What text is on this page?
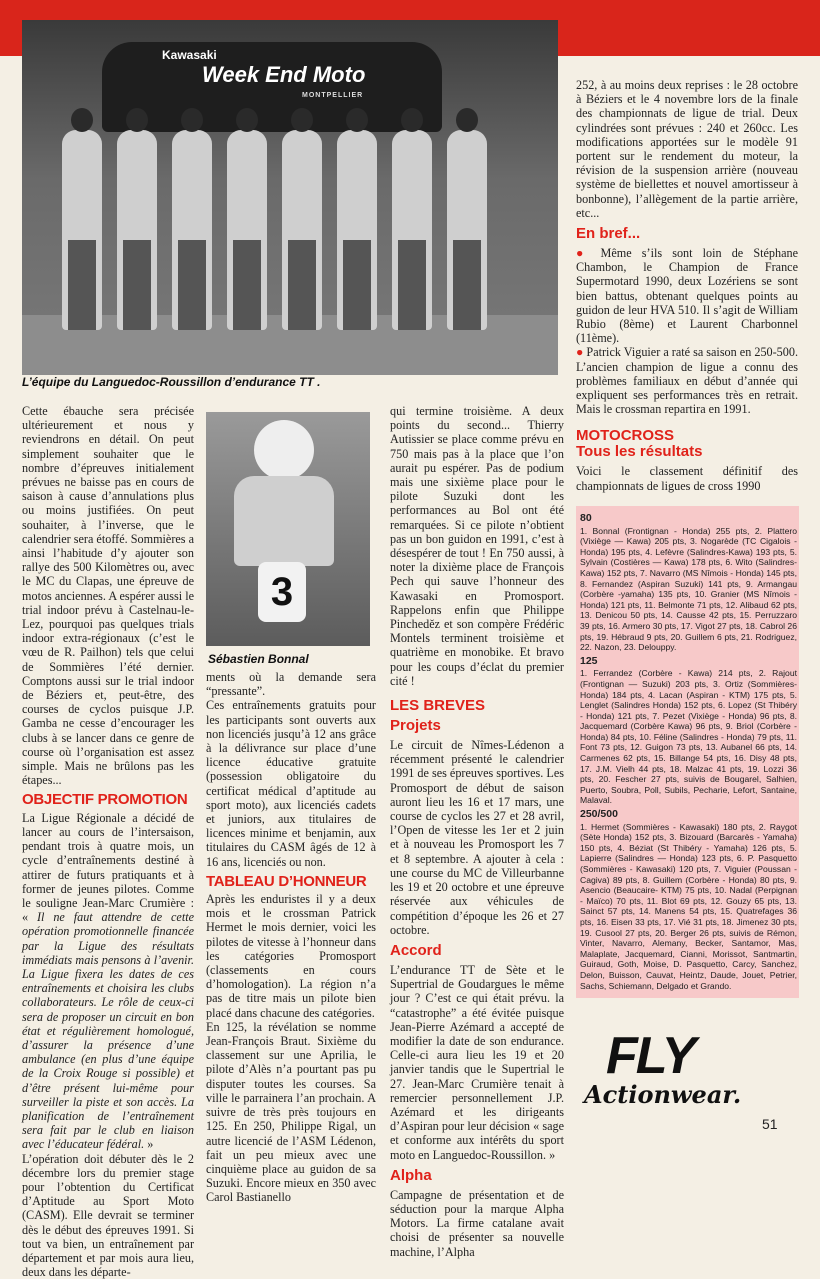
Kawasaki
Week End Moto
MONTPELLIER
L’équipe du Languedoc-Roussillon d’endurance TT .

Cette ébauche sera précisée ultérieurement et nous y reviendrons en détail. On peut simplement souhaiter que le nombre d’épreuves initialement prévues ne baisse pas en cours de saison à cause d’annulations plus ou moins justifiées. On peut souhaiter, à l’inverse, que le calendrier sera étoffé. Sommières a ainsi l’habitude d’y ajouter son rallye des 500 Kilomètres ou, avec le MC du Clapas, une épreuve de motos anciennes. A espérer aussi le trial indoor prévu à Castelnau-le-Lez, pourquoi pas quelques trials indoor extra-régionaux (c’est le vœu de R. Pailhon) tels que celui de Sommières l’été dernier. Comptons aussi sur le trial indoor de Béziers et, peut-être, des courses de cyclos puisque J.P. Gamba ne cesse d’encourager les clubs à se lancer dans ce genre de course où l’organisation est assez simple. Mais ne brûlons pas les étapes...

OBJECTIF PROMOTION

La Ligue Régionale a décidé de lancer au cours de l’intersaison, pendant trois à quatre mois, un cycle d’entraînements destiné à attirer de futurs pratiquants et à former de jeunes pilotes. Comme le souligne Jean-Marc Crumière : « Il ne faut attendre de cette opération promotionnelle financée par la Ligue des résultats immédiats mais pensons à l’avenir. La Ligue fixera les dates de ces entraînements et choisira les clubs collaborateurs. Le rôle de ceux-ci sera de proposer un circuit en bon état et régulièrement homologué, d’assurer la présence d’une ambulance (en plus d’une équipe de la Croix Rouge si possible) et d’être présent lui-même pour surveiller la piste et son accès. La planification de l’entraînement sera fait par le club en liaison avec l’éducateur fédéral. »

L’opération doit débuter dès le 2 décembre lors du premier stage pour l’obtention du Certificat d’Aptitude au Sport Moto (CASM). Elle devrait se terminer dès le début des épreuves 1991. Si tout va bien, un entraînement par département et par mois aura lieu, deux dans les départe-

3
Sébastien Bonnal

ments où la demande sera “pressante”.

Ces entraînements gratuits pour les participants sont ouverts aux non licenciés jusqu’à 12 ans grâce à la délivrance sur place d’une licence éducative gratuite (possession obligatoire du certificat médical d’aptitude au sport moto), aux licenciés cadets et juniors, aux titulaires de licences minime et benjamin, aux titulaires du CASM âgés de 12 à 16 ans, licenciés ou non.

TABLEAU D’HONNEUR

Après les enduristes il y a deux mois et le crossman Patrick Hermet le mois dernier, voici les pilotes de vitesse à l’honneur dans les catégories Promosport (classements en cours d’homologation). La région n’a pas de titre mais un pilote bien placé dans chacune des catégories.

En 125, la révélation se nomme Jean-François Braut. Sixième du classement sur une Aprilia, le pilote d’Alès n’a pourtant pas pu disputer toutes les courses. Sa ville le parrainera l’an prochain. A suivre de très près toujours en 125. En 250, Philippe Rigal, un autre licencié de l’ASM Lédenon, fait un peu mieux avec une cinquième place au guidon de sa Suzuki. Encore mieux en 350 avec Carol Bastianello

qui termine troisième. A deux points du second... Thierry Autissier se place comme prévu en 750 mais pas à la place que l’on aurait pu espérer. Pas de podium mais une sixième place pour le pilote Suzuki dont les performances au Bol ont été remarquées. Si ce pilote n’obtient pas un bon guidon en 1991, c’est à désespérer de tout ! En 750 aussi, à noter la dixième place de François Pech qui sauve l’honneur des Kawasaki en Promosport. Rappelons enfin que Philippe Pincheděz et son compère Frédéric Montels terminent troisième et quatrième en monobike. Et bravo pour les coups d’éclat du premier cité !

LES BREVES
Projets

Le circuit de Nîmes-Lédenon a récemment présenté le calendrier 1991 de ses épreuves sportives. Les Promosport de début de saison auront lieu les 16 et 17 mars, une course de cyclos les 27 et 28 avril, l’Open de vitesse les 1er et 2 juin et à nouveau les Promosport les 7 et 8 septembre. A ajouter à cela : une course du MC de Villeurbanne les 19 et 20 octobre et une épreuve réservée aux véhicules de compétition d’époque les 26 et 27 octobre.

Accord

L’endurance TT de Sète et le Supertrial de Goudargues le même jour ? C’est ce qui était prévu. la “catastrophe” a été évitée puisque Jean-Pierre Azémard a accepté de modifier la date de son endurance. Celle-ci aura lieu les 19 et 20 janvier tandis que le Supertrial le 27. Jean-Marc Crumière tenait à remercier personnellement J.P. Azémard et les dirigeants d’Aspiran pour leur décision « sage et conforme aux intérêts du sport moto en Languedoc-Roussillon. »

Alpha

Campagne de présentation et de séduction pour la marque Alpha Motors. La firme catalane avait choisi de présenter sa nouvelle machine, l’Alpha

252, à au moins deux reprises : le 28 octobre à Béziers et le 4 novembre lors de la finale des championnats de ligue de trial. Deux cylindrées sont prévues : 240 et 260cc. Les modifications apportées sur le modèle 91 portent sur le rendement du moteur, la révision de la suspension arrière (nouveau système de biellettes et nouvel amortisseur à bonbonne), l’allègement de la partie arrière, etc...

En bref...

● Même s’ils sont loin de Stéphane Chambon, le Champion de France Supermotard 1990, deux Lozériens se sont bien battus, obtenant quelques points au guidon de leur HVA 510. Il s’agit de William Rubio (8ème) et Laurent Charbonnel (11ème).

● Patrick Viguier a raté sa saison en 250-500. L’ancien champion de ligue a connu des problèmes familiaux en début d’année qui expliquent ses performances très en retrait. Mais le crossman repartira en 1991.

MOTOCROSS
Tous les résultats

Voici le classement définitif des championnats de ligues de cross 1990

80

1. Bonnal (Frontignan - Honda) 255 pts, 2. Plattero (Vixiège — Kawa) 205 pts, 3. Nogarède (TC Cigalois - Honda) 195 pts, 4. Lefèvre (Salindres-Kawa) 193 pts, 5. Sylvain (Costières — Kawa) 178 pts, 6. Wito (Salindres- Kawa) 152 pts, 7. Navarro (MS Nîmois - Honda) 145 pts, 8. Fernandez (Aspiran Suzuki) 141 pts, 9. Armangau (Corbère -yamaha) 135 pts, 10. Granier (MS Nîmois - Honda) 121 pts, 11. Belmonte 71 pts, 12. Alibaud 62 pts, 13. Denicou 50 pts, 14. Causse 42 pts, 15. Perruzzaro 39 pts, 16. Armero 30 pts, 17. Vigot 27 pts, 18. Cabrol 26 pts, 19. Hébraud 9 pts, 20. Guillem 6 pts, 21. Rodriguez, 22. Nazon, 23. Delouppy.

125

1. Ferrandez (Corbère - Kawa) 214 pts, 2. Rajout (Frontignan — Suzuki) 203 pts, 3. Ortiz (Sommières- Honda) 184 pts, 4. Lacan (Aspiran - KTM) 175 pts, 5. Lenglet (Salindres Honda) 152 pts, 6. Lopez (St Thibéry - Honda) 121 pts, 7. Pezet (Vixiège - Honda) 96 pts, 8. Jacquemard (Corbère Kawa) 96 pts, 9. Briol (Corbère - Honda) 84 pts, 10. Féline (Salindres - Honda) 79 pts, 11. Font 73 pts, 12. Guigon 73 pts, 13. Aubanel 66 pts, 14. Carmenes 62 pts, 15. Billange 54 pts, 16. Disy 48 pts, 17. J.M. Vielh 44 pts, 18. Malzac 41 pts, 19. Lozzi 36 pts, 20. Fescher 27 pts, suivis de Bougarel, Salhien, Puerto, Soubra, Poll, Subils, Pecharie, Lefort, Santaine, Malaval.

250/500

1. Hermet (Sommières - Kawasaki) 180 pts, 2. Raygot (Sète Honda) 152 pts, 3. Bizouard (Barcarès - Yamaha) 150 pts, 4. Béziat (St Thibéry - Yamaha) 126 pts, 5. Lapierre (Salindres — Honda) 123 pts, 6. P. Pasquetto (Sommières - Kawasaki) 120 pts, 7. Viguier (Poussan - Cagiva) 89 pts, 8. Guillem (Corbère - Honda) 80 pts, 9. Asencio (Beaucaire- KTM) 75 pts, 10. Nadal (Perpignan - Maïco) 70 pts, 11. Blot 69 pts, 12. Gouzy 65 pts, 13. Sainct 57 pts, 14. Manens 54 pts, 15. Quatrefages 36 pts, 16. Eisen 33 pts, 17. Vié 31 pts, 18. Jimenez 30 pts, 19. Cusool 27 pts, 20. Berger 26 pts, suivis de Rémon, Vinter, Navarro, Alemany, Becker, Santamor, Mas, Malaplate, Jacquemard, Cianni, Morissot, Santmartin, Guiraud, Goth, Moise, D. Pasquetto, Carcy, Sanchez, Delon, Buisson, Cauvat, Heintz, Daude, Jouet, Petrier, Sachs, Schiemann, Delgado et Grando.

FLY
Actionwear.
51
